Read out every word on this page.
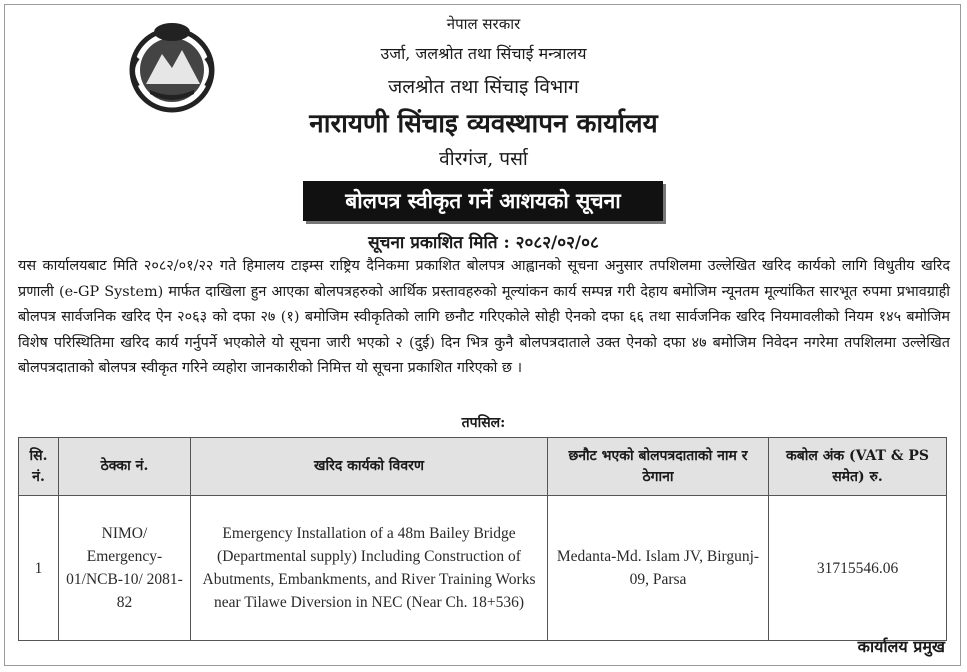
नेपाल सरकार
उर्जा, जलश्रोत तथा सिंचाई मन्त्रालय
जलश्रोत तथा सिंचाइ विभाग
नारायणी सिंचाइ व्यवस्थापन कार्यालय
वीरगंज, पर्सा
बोलपत्र स्वीकृत गर्ने आशयको सूचना
सूचना प्रकाशित मिति : २०८२/०२/०८

यस कार्यालयबाट मिति २०८२/०१/२२ गते हिमालय टाइम्स राष्ट्रिय दैनिकमा प्रकाशित बोलपत्र आह्वानको सूचना अनुसार तपशिलमा उल्लेखित खरिद कार्यको लागि विधुतीय खरिद प्रणाली (e-GP System) मार्फत दाखिला हुन आएका बोलपत्रहरुको आर्थिक प्रस्तावहरुको मूल्यांकन कार्य सम्पन्न गरी देहाय बमोजिम न्यूनतम मूल्यांकित सारभूत रुपमा प्रभावग्राही बोलपत्र सार्वजनिक खरिद ऐन २०६३ को दफा २७ (१) बमोजिम स्वीकृतिको लागि छनौट गरिएकोले सोही ऐनको दफा ६६ तथा सार्वजनिक खरिद नियमावलीको नियम १४५ बमोजिम विशेष परिस्थितिमा खरिद कार्य गर्नुपर्ने भएकोले यो सूचना जारी भएको २ (दुई) दिन भित्र कुनै बोलपत्रदाताले उक्त ऐनको दफा ४७ बमोजिम निवेदन नगरेमा तपशिलमा उल्लेखित बोलपत्रदाताको बोलपत्र स्वीकृत गरिने व्यहोरा जानकारीको निमित्त यो सूचना प्रकाशित गरिएको छ ।

तपसिल:
सि. नं.	ठेक्का नं.	खरिद कार्यको विवरण	छनौट भएको बोलपत्रदाताको नाम र ठेगाना	कबोल अंक (VAT & PS समेत) रु.
1	NIMO/ Emergency-01/NCB-10/ 2081-82	Emergency Installation of a 48m Bailey Bridge (Departmental supply) Including Construction of Abutments, Embankments, and River Training Works near Tilawe Diversion in NEC (Near Ch. 18+536)	Medanta-Md. Islam JV, Birgunj-09, Parsa	31715546.06
कार्यालय प्रमुख
